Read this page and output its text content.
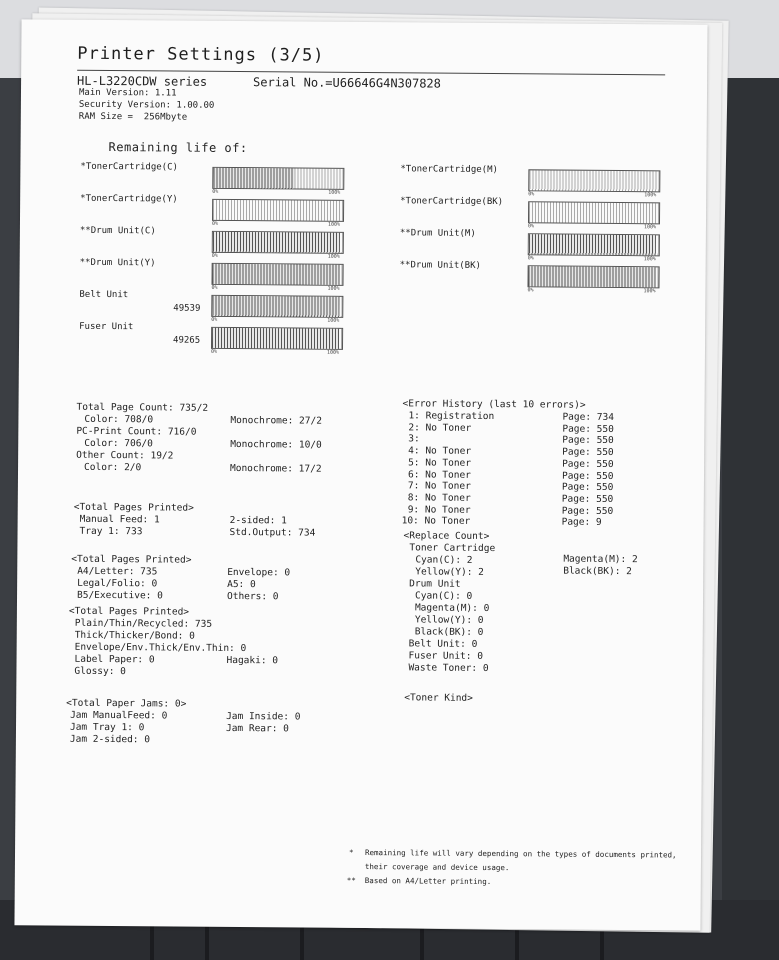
Printer Settings (3/5)
HL-L3220CDW series	Serial No.=U66646G4N307828
Main Version: 1.11
Security Version: 1.00.00
RAM Size =  256Mbyte
Remaining life of:
*TonerCartridge(C)
0%	100%
*TonerCartridge(M)
0%	100%
*TonerCartridge(Y)
0%	100%
*TonerCartridge(BK)
0%	100%
**Drum Unit(C)
0%	100%
**Drum Unit(M)
0%	100%
**Drum Unit(Y)
0%	100%
**Drum Unit(BK)
0%	100%
Belt Unit
49539
0%	100%
Fuser Unit
49265
0%	100%
Total Page Count: 735/2
Color: 708/0	Monochrome: 27/2
PC-Print Count: 716/0
Color: 706/0	Monochrome: 10/0
Other Count: 19/2
Color: 2/0	Monochrome: 17/2
<Total Pages Printed>
Manual Feed: 1	2-sided: 1
Tray 1: 733	Std.Output: 734
<Total Pages Printed>
A4/Letter: 735	Envelope: 0
Legal/Folio: 0	A5: 0
B5/Executive: 0	Others: 0
<Total Pages Printed>
Plain/Thin/Recycled: 735
Thick/Thicker/Bond: 0
Envelope/Env.Thick/Env.Thin: 0
Label Paper: 0	Hagaki: 0
Glossy: 0
<Total Paper Jams: 0>
Jam ManualFeed: 0	Jam Inside: 0
Jam Tray 1: 0	Jam Rear: 0
Jam 2-sided: 0
<Error History (last 10 errors)>
1: Registration	Page: 734
2: No Toner	Page: 550
3:	Page: 550
4: No Toner	Page: 550
5: No Toner	Page: 550
6: No Toner	Page: 550
7: No Toner	Page: 550
8: No Toner	Page: 550
9: No Toner	Page: 550
10: No Toner	Page: 9
<Replace Count>
Toner Cartridge
Cyan(C): 2	Magenta(M): 2
Yellow(Y): 2	Black(BK): 2
Drum Unit
Cyan(C): 0
Magenta(M): 0
Yellow(Y): 0
Black(BK): 0
Belt Unit: 0
Fuser Unit: 0
Waste Toner: 0
<Toner Kind>
* Remaining life will vary depending on the types of documents printed,
their coverage and device usage.
** Based on A4/Letter printing.
